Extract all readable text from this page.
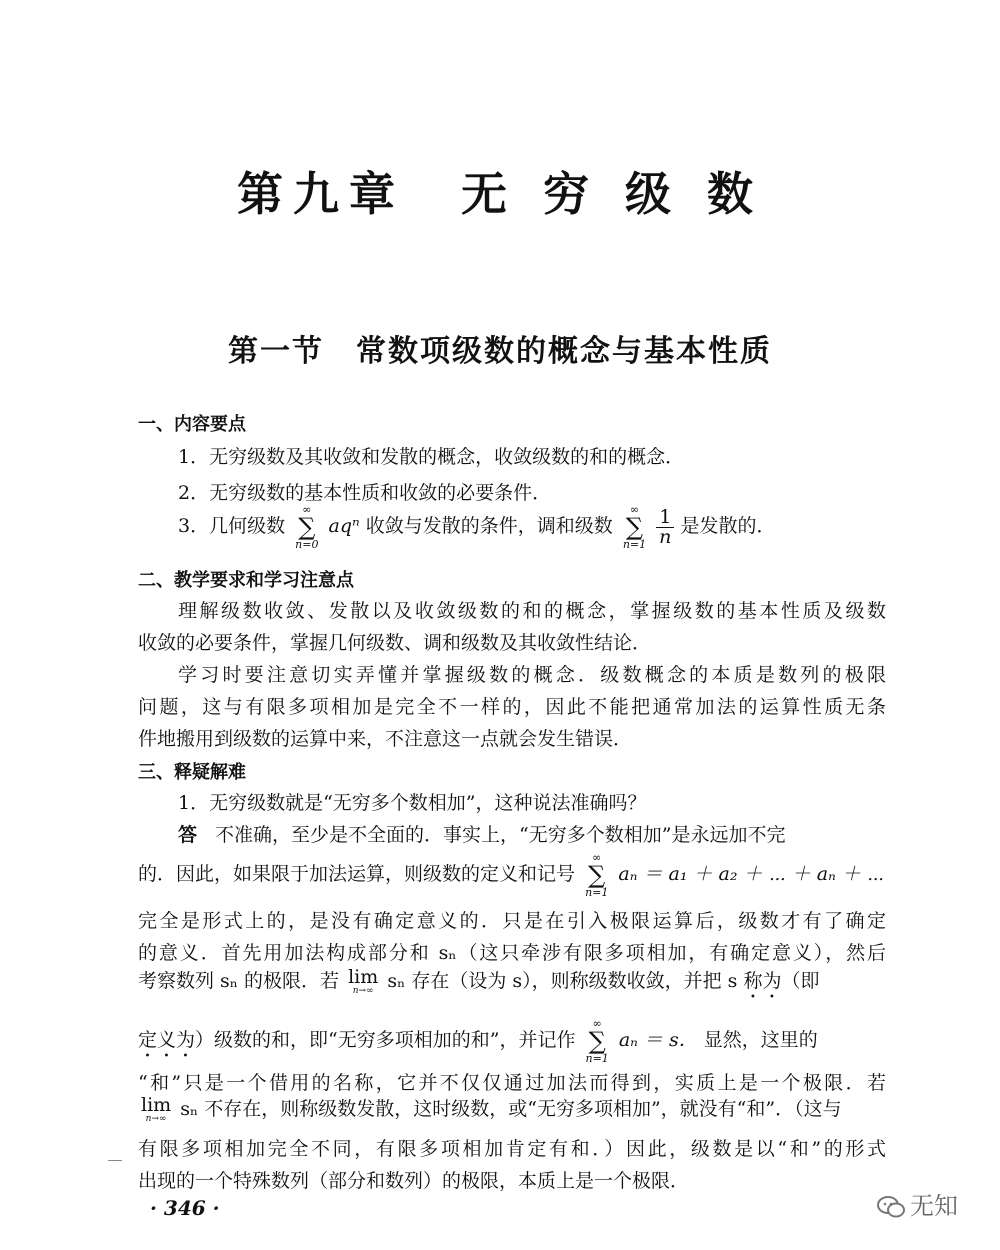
第九章　无 穷 级 数
第一节　常数项级数的概念与基本性质
一、内容要点
1．无穷级数及其收敛和发散的概念，收敛级数的和的概念．
2．无穷级数的基本性质和收敛的必要条件．
3．几何级数
∞
∑
n=0
aqⁿ 收敛与发散的条件，调和级数
∞
∑
n=1
$\frac{1}{n}$ 是发散的．
二、教学要求和学习注意点
理解级数收敛、发散以及收敛级数的和的概念，掌握级数的基本性质及级数
收敛的必要条件，掌握几何级数、调和级数及其收敛性结论．
学习时要注意切实弄懂并掌握级数的概念．级数概念的本质是数列的极限
问题，这与有限多项相加是完全不一样的，因此不能把通常加法的运算性质无条
件地搬用到级数的运算中来，不注意这一点就会发生错误．
三、释疑解难
1．无穷级数就是“无穷多个数相加”，这种说法准确吗？
答 不准确，至少是不全面的．事实上，“无穷多个数相加”是永远加不完
的．因此，如果限于加法运算，则级数的定义和记号
∞
∑
n=1
aₙ ＝ a₁ ＋ a₂ ＋ ⋯ ＋ aₙ ＋ ⋯
完全是形式上的，是没有确定意义的．只是在引入极限运算后，级数才有了确定
的意义．首先用加法构成部分和 sₙ（这只牵涉有限多项相加，有确定意义），然后
考察数列 sₙ 的极限．若 lim
n→∞ sₙ 存在（设为 s），则称级数收敛，并把 s 称为（即
定义为）级数的和，即“无穷多项相加的和”，并记作
∞
∑
n=1
aₙ ＝ s． 显然，这里的
“和”只是一个借用的名称，它并不仅仅通过加法而得到，实质上是一个极限．若
lim
n→∞ sₙ 不存在，则称级数发散，这时级数，或“无穷多项相加”，就没有“和”．（这与
有限多项相加完全不同，有限多项相加肯定有和．）因此，级数是以“和”的形式
出现的一个特殊数列（部分和数列）的极限，本质上是一个极限．
· 346 ·	无知
